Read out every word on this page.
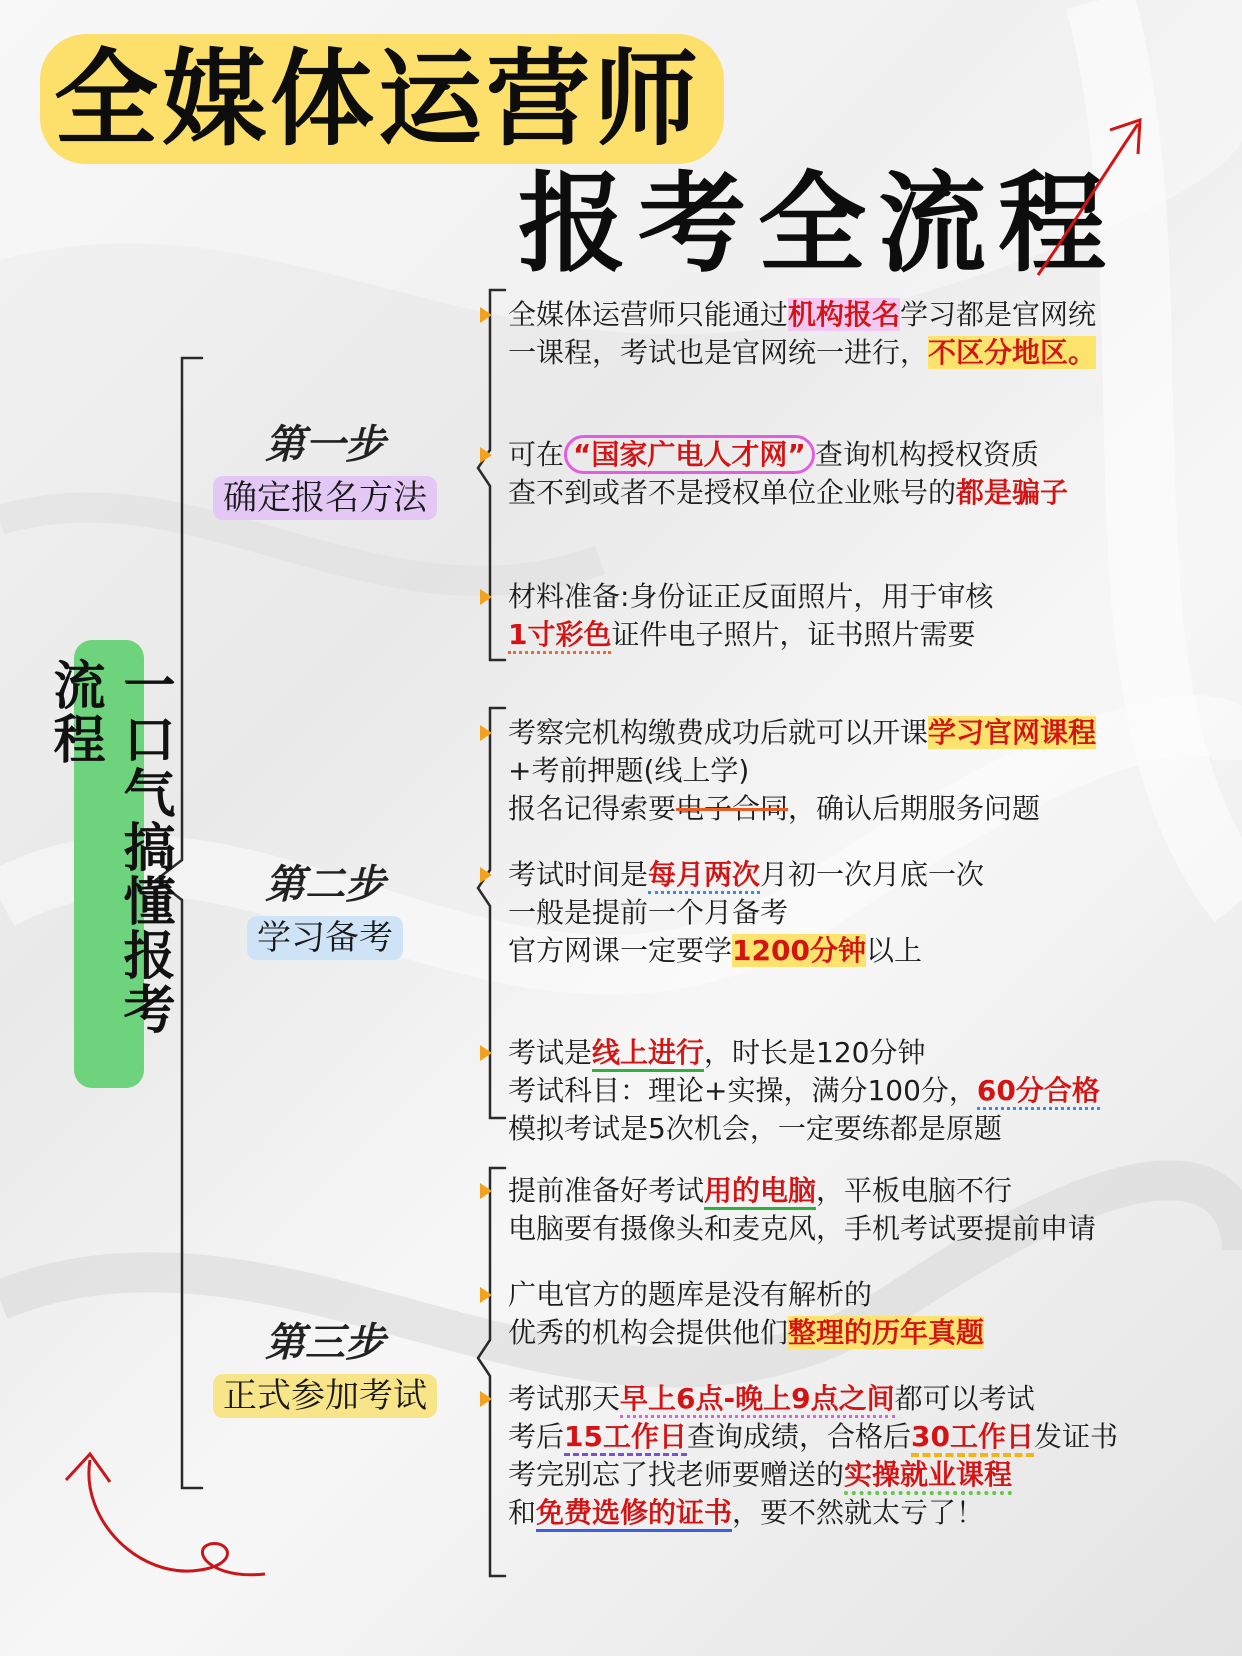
全媒体运营师
报考全流程
一口气搞懂报考流程
第一步
确定报名方法
第二步
学习备考
第三步
正式参加考试
全媒体运营师只能通过机构报名学习都是官网统
一课程，考试也是官网统一进行，不区分地区。
可在 “国家广电人才网” 查询机构授权资质
查不到或者不是授权单位企业账号的都是骗子
材料准备:身份证正反面照片，用于审核
1寸彩色证件电子照片，证书照片需要
考察完机构缴费成功后就可以开课学习官网课程
+考前押题(线上学)
报名记得索要电子合同，确认后期服务问题
考试时间是每月两次月初一次月底一次
一般是提前一个月备考
官方网课一定要学1200分钟以上
考试是线上进行，时长是120分钟
考试科目：理论+实操，满分100分，60分合格
模拟考试是5次机会，一定要练都是原题
提前准备好考试用的电脑，平板电脑不行
电脑要有摄像头和麦克风，手机考试要提前申请
广电官方的题库是没有解析的
优秀的机构会提供他们整理的历年真题
考试那天早上6点-晚上9点之间都可以考试
考后15工作日查询成绩，合格后30工作日发证书
考完别忘了找老师要赠送的实操就业课程
和免费选修的证书，要不然就太亏了！
